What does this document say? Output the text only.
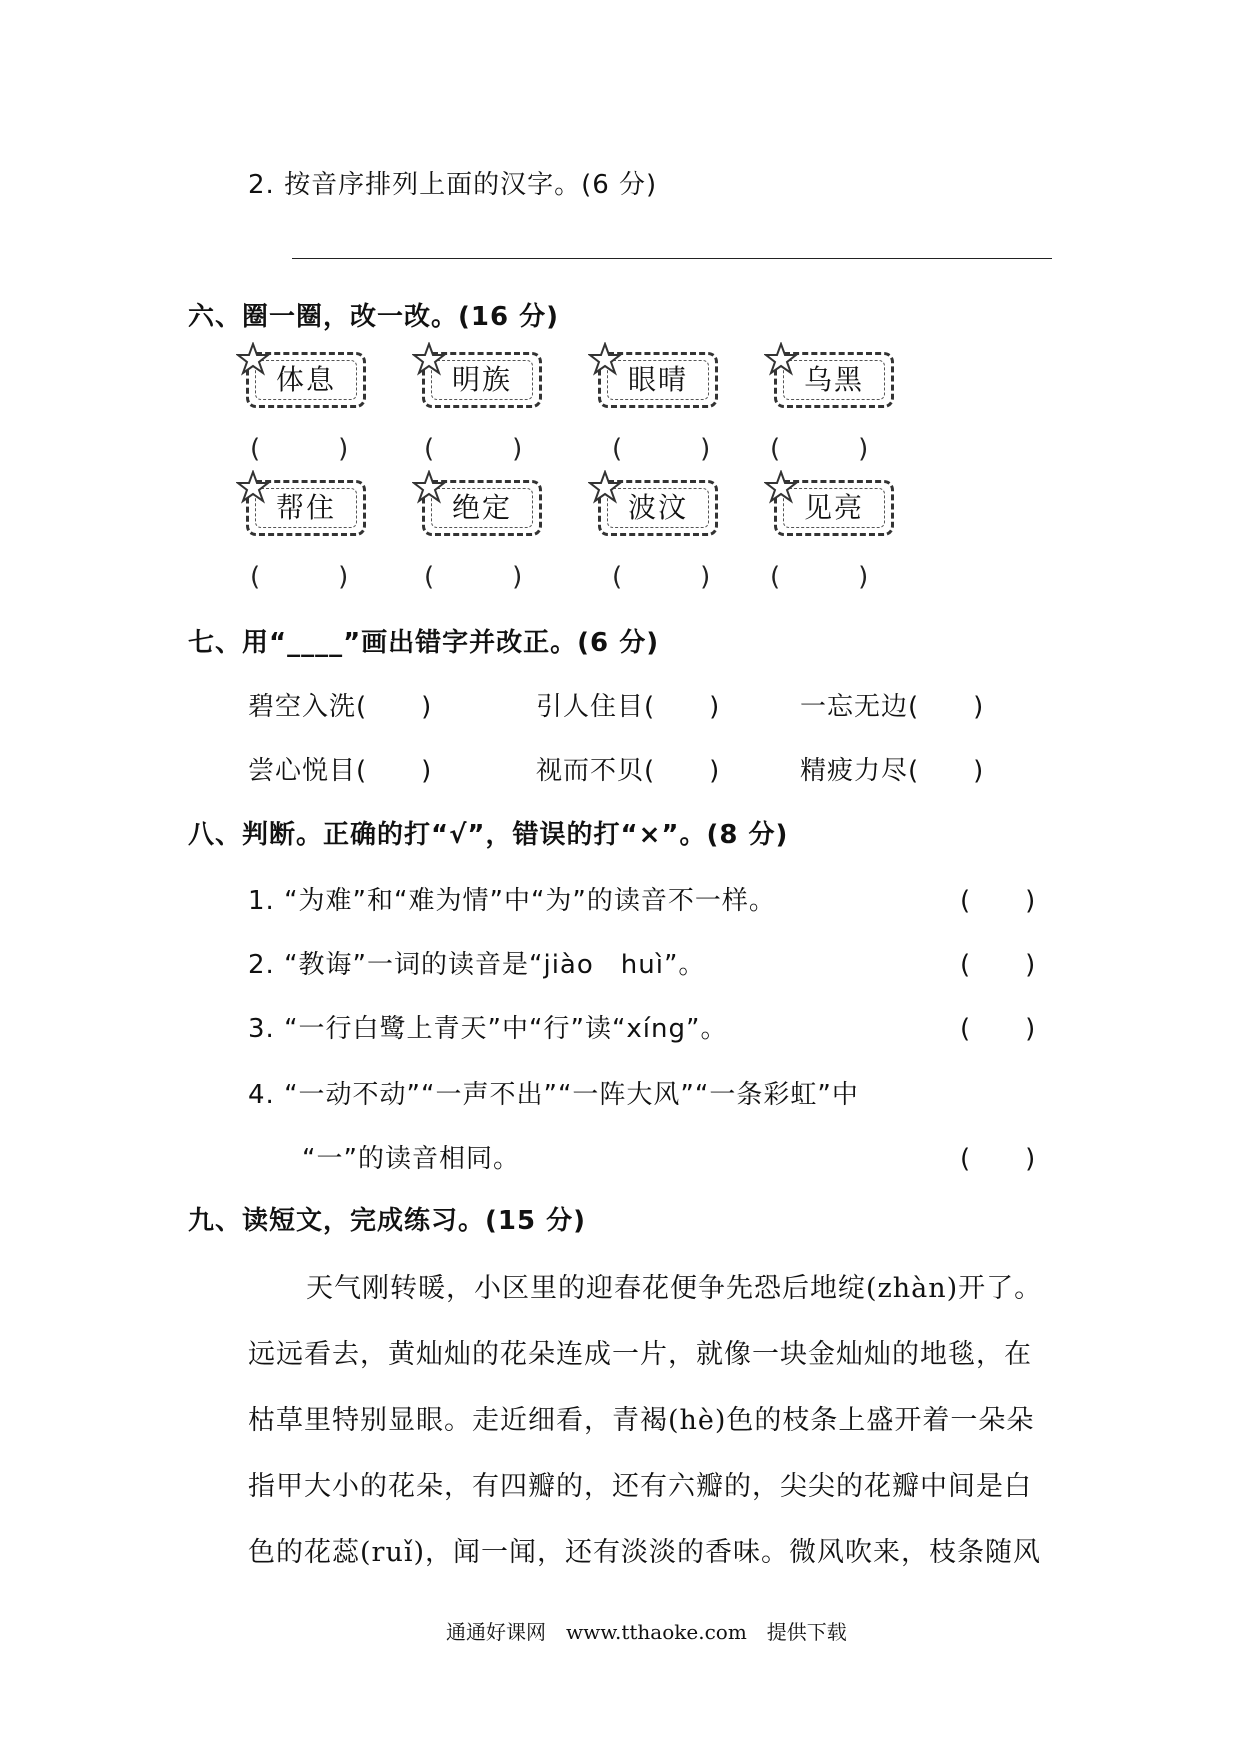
2. 按音序排列上面的汉字。(6 分)
六、圈一圈，改一改。(16 分)
体息	明族	眼晴	乌黑
(　　　)	(　　　)	(　　　) (　　　)
帮住	绝定	波汶	见亮
(　　　)	(　　　)	(　　　) (　　　)
七、用“____”画出错字并改正。(6 分)
碧空入洗(　　)	引人住目(　　)	一忘无边(　　)
尝心悦目(　　)	视而不贝(　　)	精疲力尽(　　)
八、判断。正确的打“√”，错误的打“×”。(8 分)
1. “为难”和“难为情”中“为”的读音不一样。	(　　)
2. “教诲”一词的读音是“jiào　huì”。	(　　)
3. “一行白鹭上青天”中“行”读“xíng”。	(　　)
4. “一动不动”“一声不出”“一阵大风”“一条彩虹”中
“一”的读音相同。	(　　)
九、读短文，完成练习。(15 分)
天气刚转暖，小区里的迎春花便争先恐后地绽(zhàn)开了。
远远看去，黄灿灿的花朵连成一片，就像一块金灿灿的地毯，在
枯草里特别显眼。走近细看，青褐(hè)色的枝条上盛开着一朵朵
指甲大小的花朵，有四瓣的，还有六瓣的，尖尖的花瓣中间是白
色的花蕊(ruǐ)，闻一闻，还有淡淡的香味。微风吹来，枝条随风
通通好课网　www.tthaoke.com　提供下载
